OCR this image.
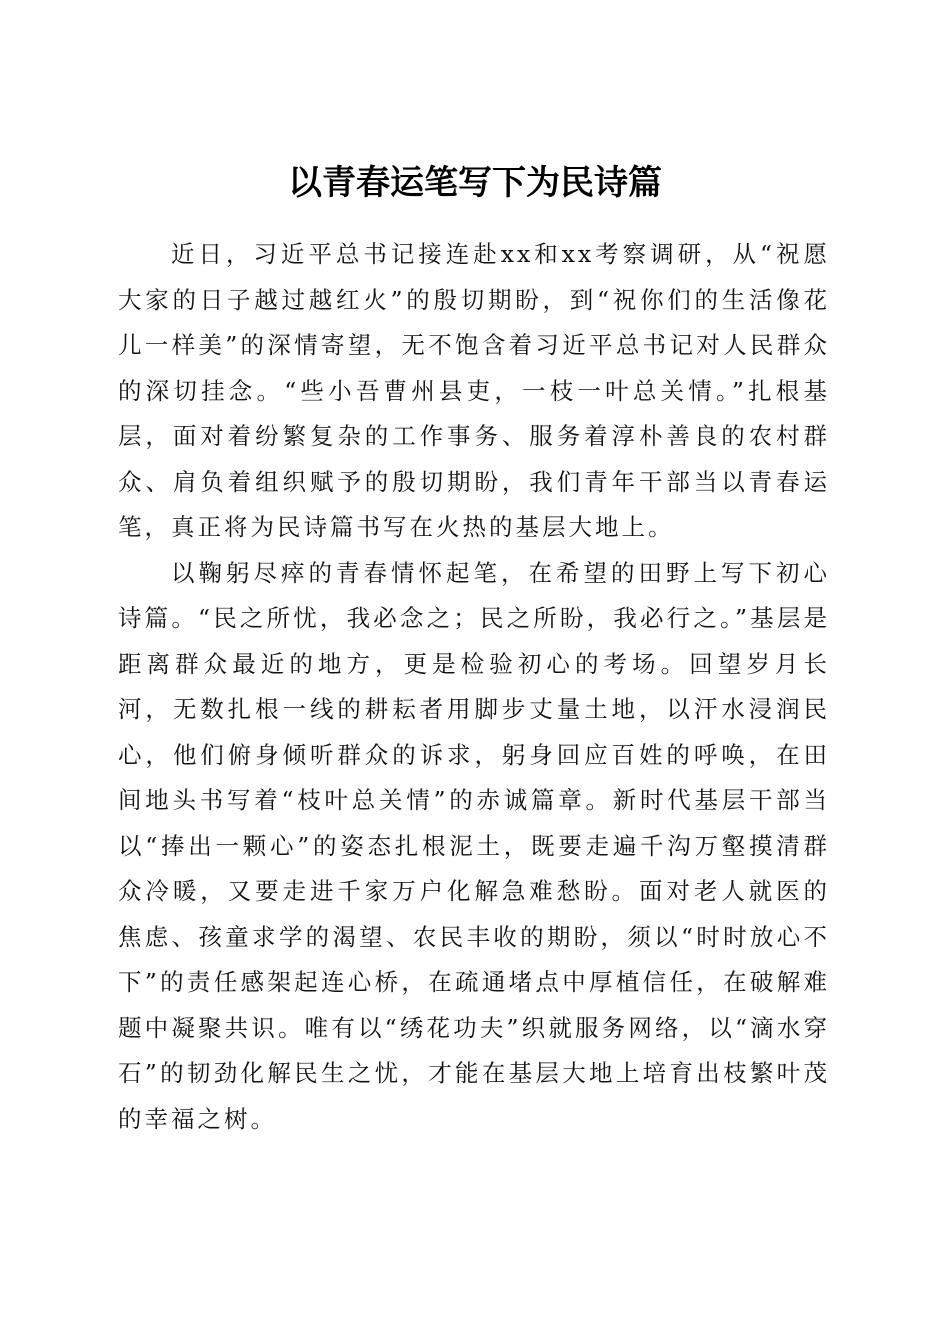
以青春运笔写下为民诗篇

近日，习近平总书记接连赴xx和xx考察调研，从“祝愿大家的日子越过越红火”的殷切期盼，到“祝你们的生活像花儿一样美”的深情寄望，无不饱含着习近平总书记对人民群众的深切挂念。“些小吾曹州县吏，一枝一叶总关情。”扎根基层，面对着纷繁复杂的工作事务、服务着淳朴善良的农村群众、肩负着组织赋予的殷切期盼，我们青年干部当以青春运笔，真正将为民诗篇书写在火热的基层大地上。

以鞠躬尽瘁的青春情怀起笔，在希望的田野上写下初心诗篇。“民之所忧，我必念之；民之所盼，我必行之。”基层是距离群众最近的地方，更是检验初心的考场。回望岁月长河，无数扎根一线的耕耘者用脚步丈量土地，以汗水浸润民心，他们俯身倾听群众的诉求，躬身回应百姓的呼唤，在田间地头书写着“枝叶总关情”的赤诚篇章。新时代基层干部当以“捧出一颗心”的姿态扎根泥土，既要走遍千沟万壑摸清群众冷暖，又要走进千家万户化解急难愁盼。面对老人就医的焦虑、孩童求学的渴望、农民丰收的期盼，须以“时时放心不下”的责任感架起连心桥，在疏通堵点中厚植信任，在破解难题中凝聚共识。唯有以“绣花功夫”织就服务网络，以“滴水穿石”的韧劲化解民生之忧，才能在基层大地上培育出枝繁叶茂的幸福之树。
